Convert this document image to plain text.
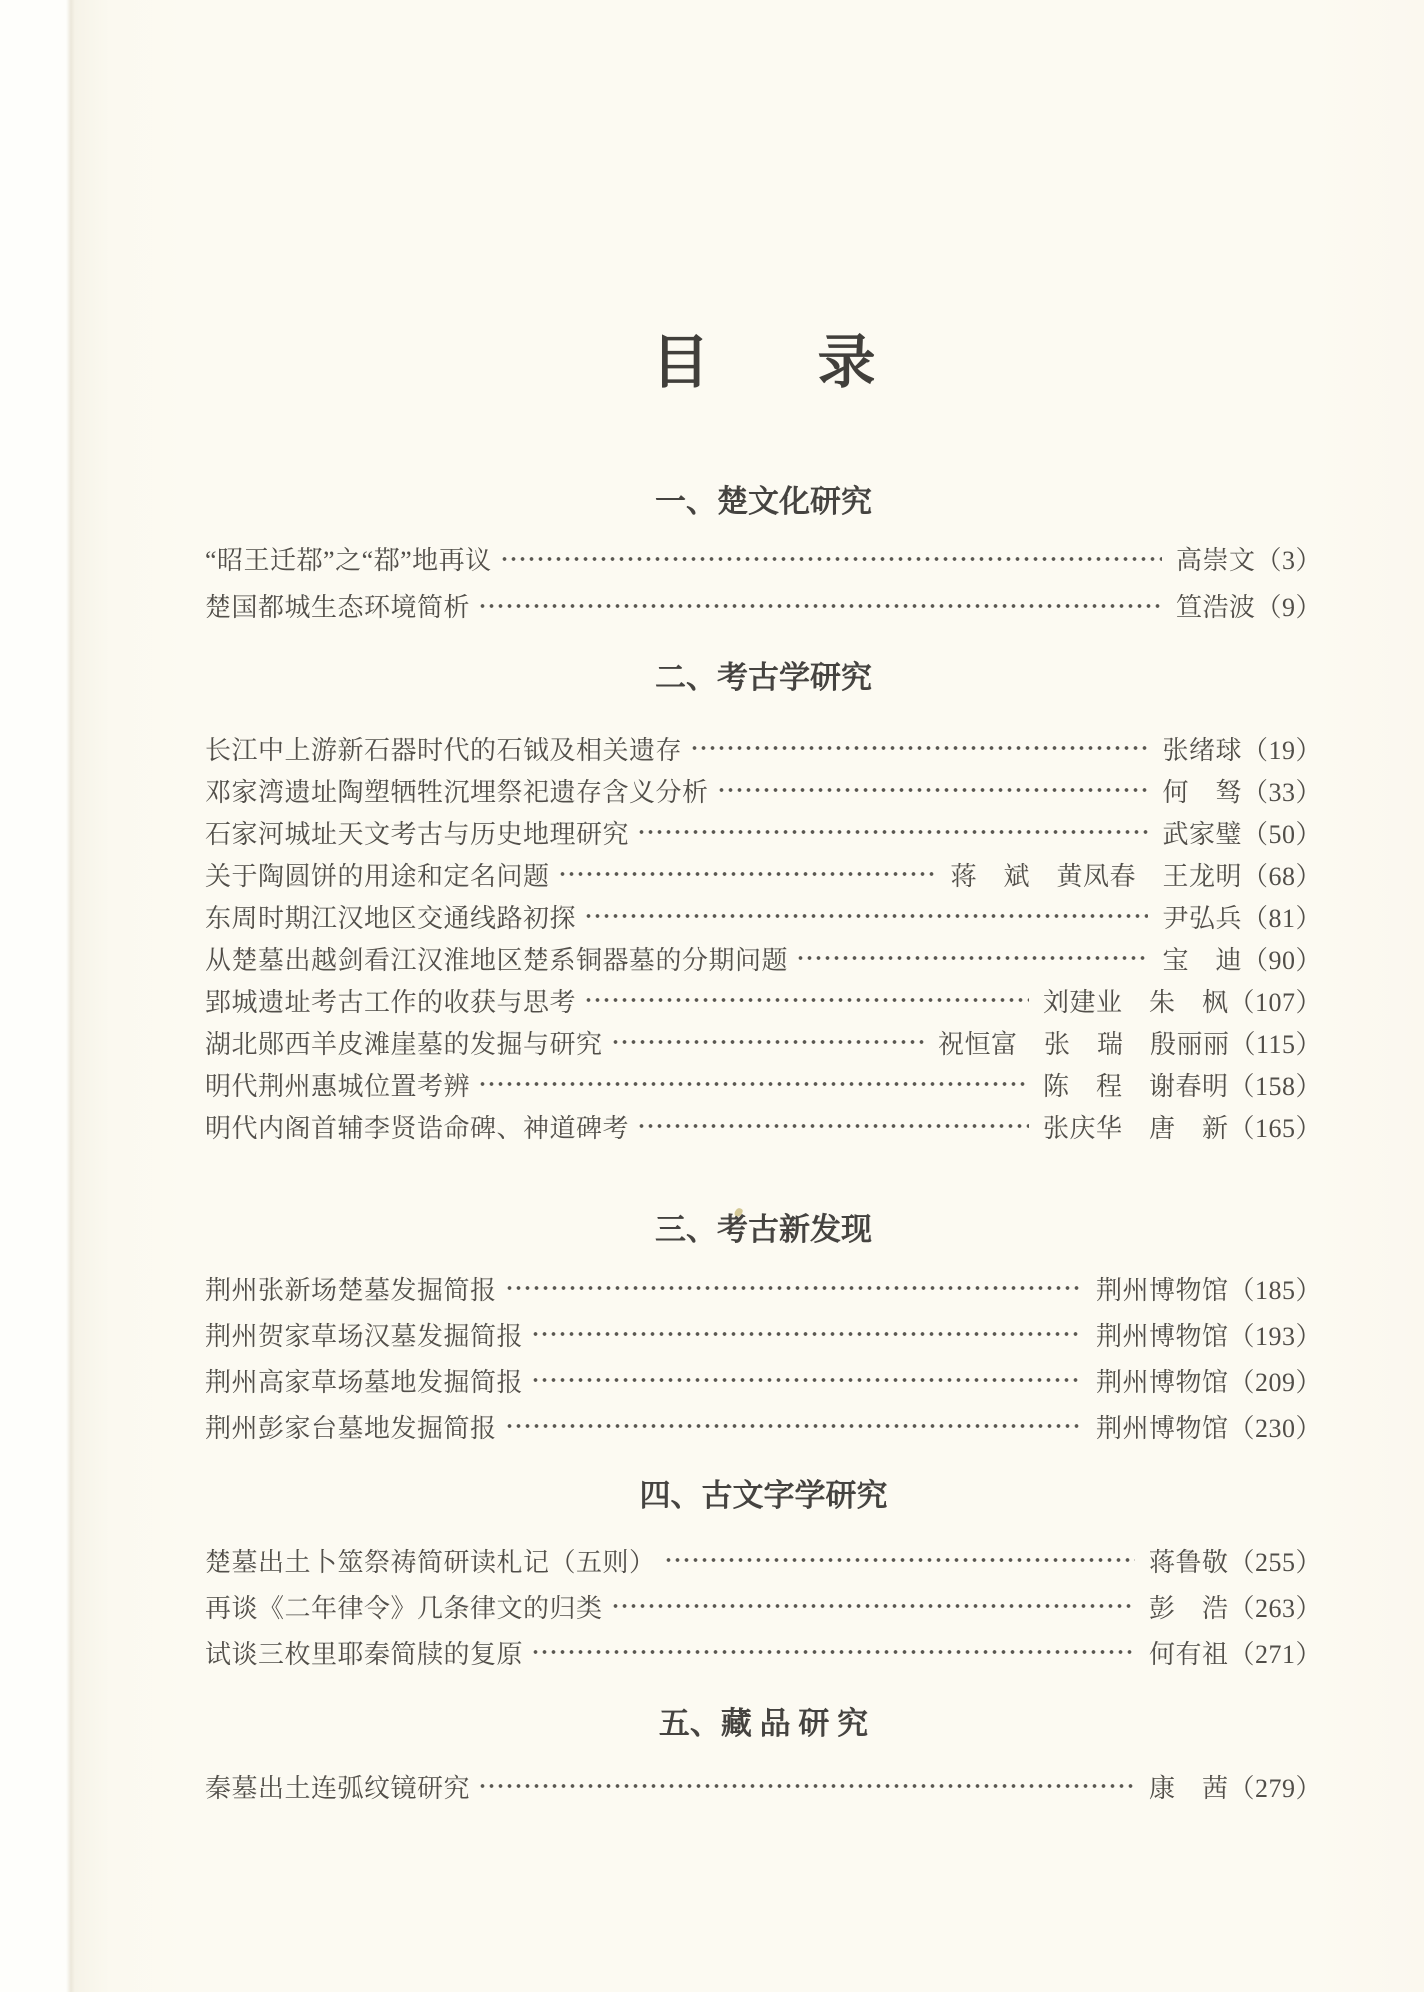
目 录
一、楚文化研究
“昭王迁鄀”之“鄀”地再议	高崇文 （3）
楚国都城生态环境简析	笪浩波 （9）
二、考古学研究
长江中上游新石器时代的石钺及相关遗存	张绪球 （19）
邓家湾遗址陶塑牺牲沉埋祭祀遗存含义分析	何　驽 （33）
石家河城址天文考古与历史地理研究	武家璧 （50）
关于陶圆饼的用途和定名问题	蒋　斌　黄凤春　王龙明 （68）
东周时期江汉地区交通线路初探	尹弘兵 （81）
从楚墓出越剑看江汉淮地区楚系铜器墓的分期问题	宝　迪 （90）
郢城遗址考古工作的收获与思考	刘建业　朱　枫 （107）
湖北郧西羊皮滩崖墓的发掘与研究	祝恒富　张　瑞　殷丽丽 （115）
明代荆州惠城位置考辨	陈　程　谢春明 （158）
明代内阁首辅李贤诰命碑、神道碑考	张庆华　唐　新 （165）
三、考古新发现
荆州张新场楚墓发掘简报	荆州博物馆 （185）
荆州贺家草场汉墓发掘简报	荆州博物馆 （193）
荆州高家草场墓地发掘简报	荆州博物馆 （209）
荆州彭家台墓地发掘简报	荆州博物馆 （230）
四、古文字学研究
楚墓出土卜筮祭祷简研读札记（五则）	蒋鲁敬 （255）
再谈《二年律令》几条律文的归类	彭　浩 （263）
试谈三枚里耶秦简牍的复原	何有祖 （271）
五、藏 品 研 究
秦墓出土连弧纹镜研究	康　茜 （279）
